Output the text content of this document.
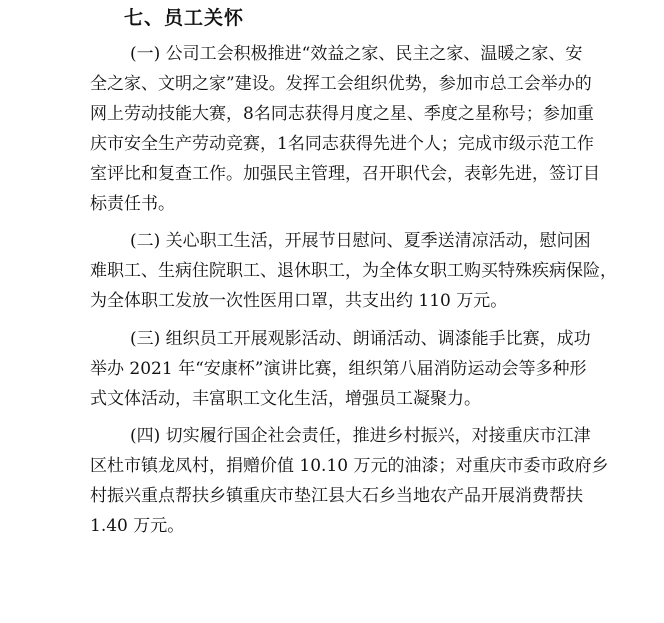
七、员工关怀
(一) 公司工会积极推进“效益之家、民主之家、温暖之家、安
全之家、文明之家”建设。发挥工会组织优势，参加市总工会举办的
网上劳动技能大赛，8名同志获得月度之星、季度之星称号；参加重
庆市安全生产劳动竞赛，1名同志获得先进个人；完成市级示范工作
室评比和复查工作。加强民主管理，召开职代会，表彰先进，签订目
标责任书。
(二) 关心职工生活，开展节日慰问、夏季送清凉活动，慰问困
难职工、生病住院职工、退休职工，为全体女职工购买特殊疾病保险，
为全体职工发放一次性医用口罩，共支出约 110 万元。
(三) 组织员工开展观影活动、朗诵活动、调漆能手比赛，成功
举办 2021 年“安康杯”演讲比赛，组织第八届消防运动会等多种形
式文体活动，丰富职工文化生活，增强员工凝聚力。
(四) 切实履行国企社会责任，推进乡村振兴，对接重庆市江津
区杜市镇龙凤村，捐赠价值 10.10 万元的油漆；对重庆市委市政府乡
村振兴重点帮扶乡镇重庆市垫江县大石乡当地农产品开展消费帮扶
1.40 万元。
